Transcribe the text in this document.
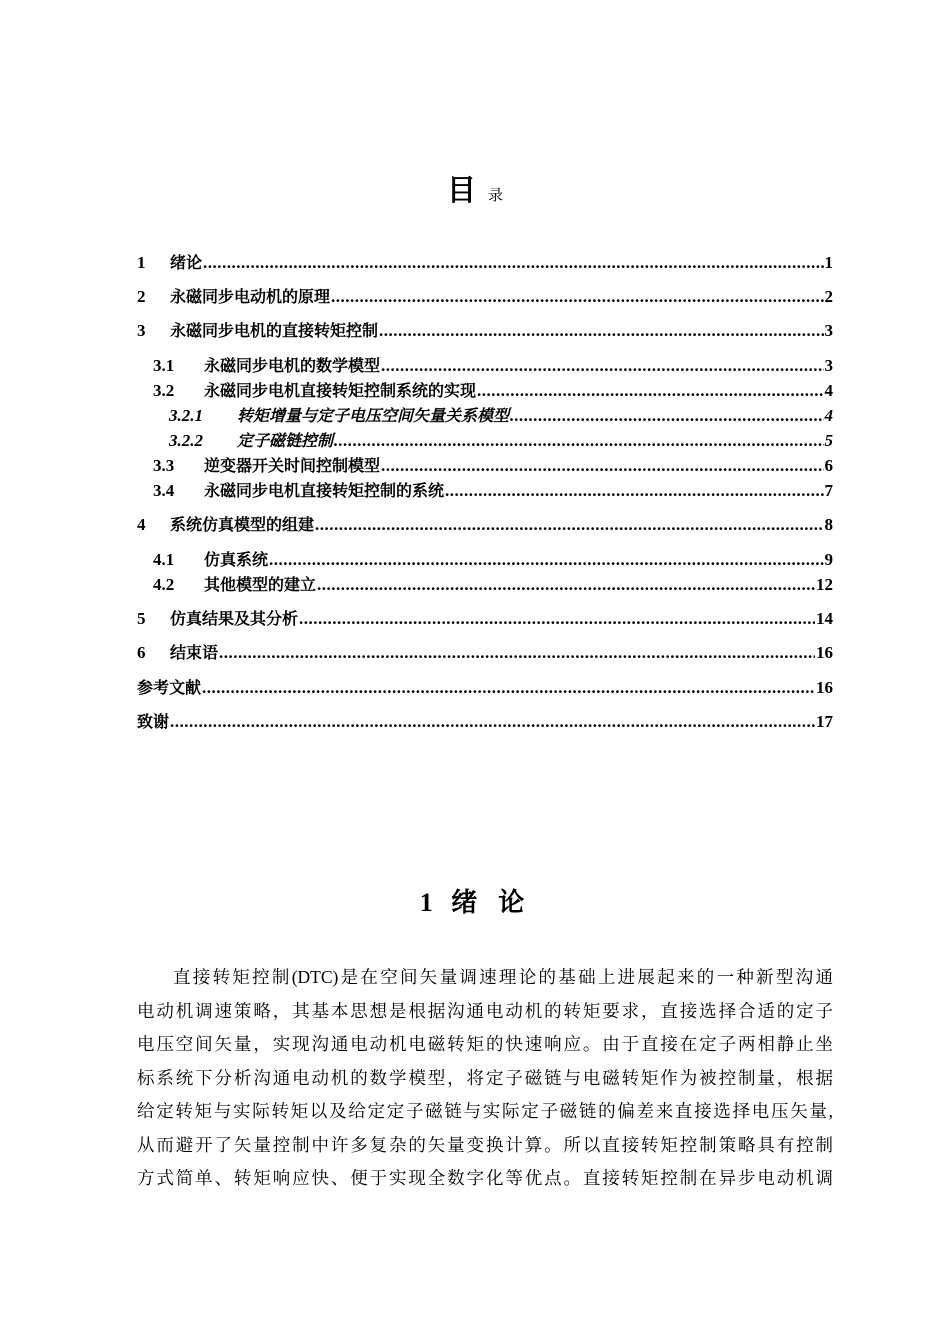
目录
1	绪论 .....	1
2	永磁同步电动机的原理 .....	2
3	永磁同步电机的直接转矩控制 .....	3
3.1	永磁同步电机的数学模型 .....	3
3.2	永磁同步电机直接转矩控制系统的实现 .....	4
3.2.1	转矩增量与定子电压空间矢量关系模型 .....	4
3.2.2	定子磁链控制 .....	5
3.3	逆变器开关时间控制模型 .....	6
3.4	永磁同步电机直接转矩控制的系统 .....	7
4	系统仿真模型的组建 .....	8
4.1	仿真系统 .....	9
4.2	其他模型的建立 .....	12
5	仿真结果及其分析 .....	14
6	结束语 .....	16
参考文献 .....	16
致谢 .....	17
1 绪 论
直接转矩控制(DTC)是在空间矢量调速理论的基础上进展起来的一种新型沟通
电动机调速策略，其基本思想是根据沟通电动机的转矩要求，直接选择合适的定子
电压空间矢量，实现沟通电动机电磁转矩的快速响应。由于直接在定子两相静止坐
标系统下分析沟通电动机的数学模型，将定子磁链与电磁转矩作为被控制量，根据
给定转矩与实际转矩以及给定定子磁链与实际定子磁链的偏差来直接选择电压矢量,
从而避开了矢量控制中许多复杂的矢量变换计算。所以直接转矩控制策略具有控制
方式简单、转矩响应快、便于实现全数字化等优点。直接转矩控制在异步电动机调
